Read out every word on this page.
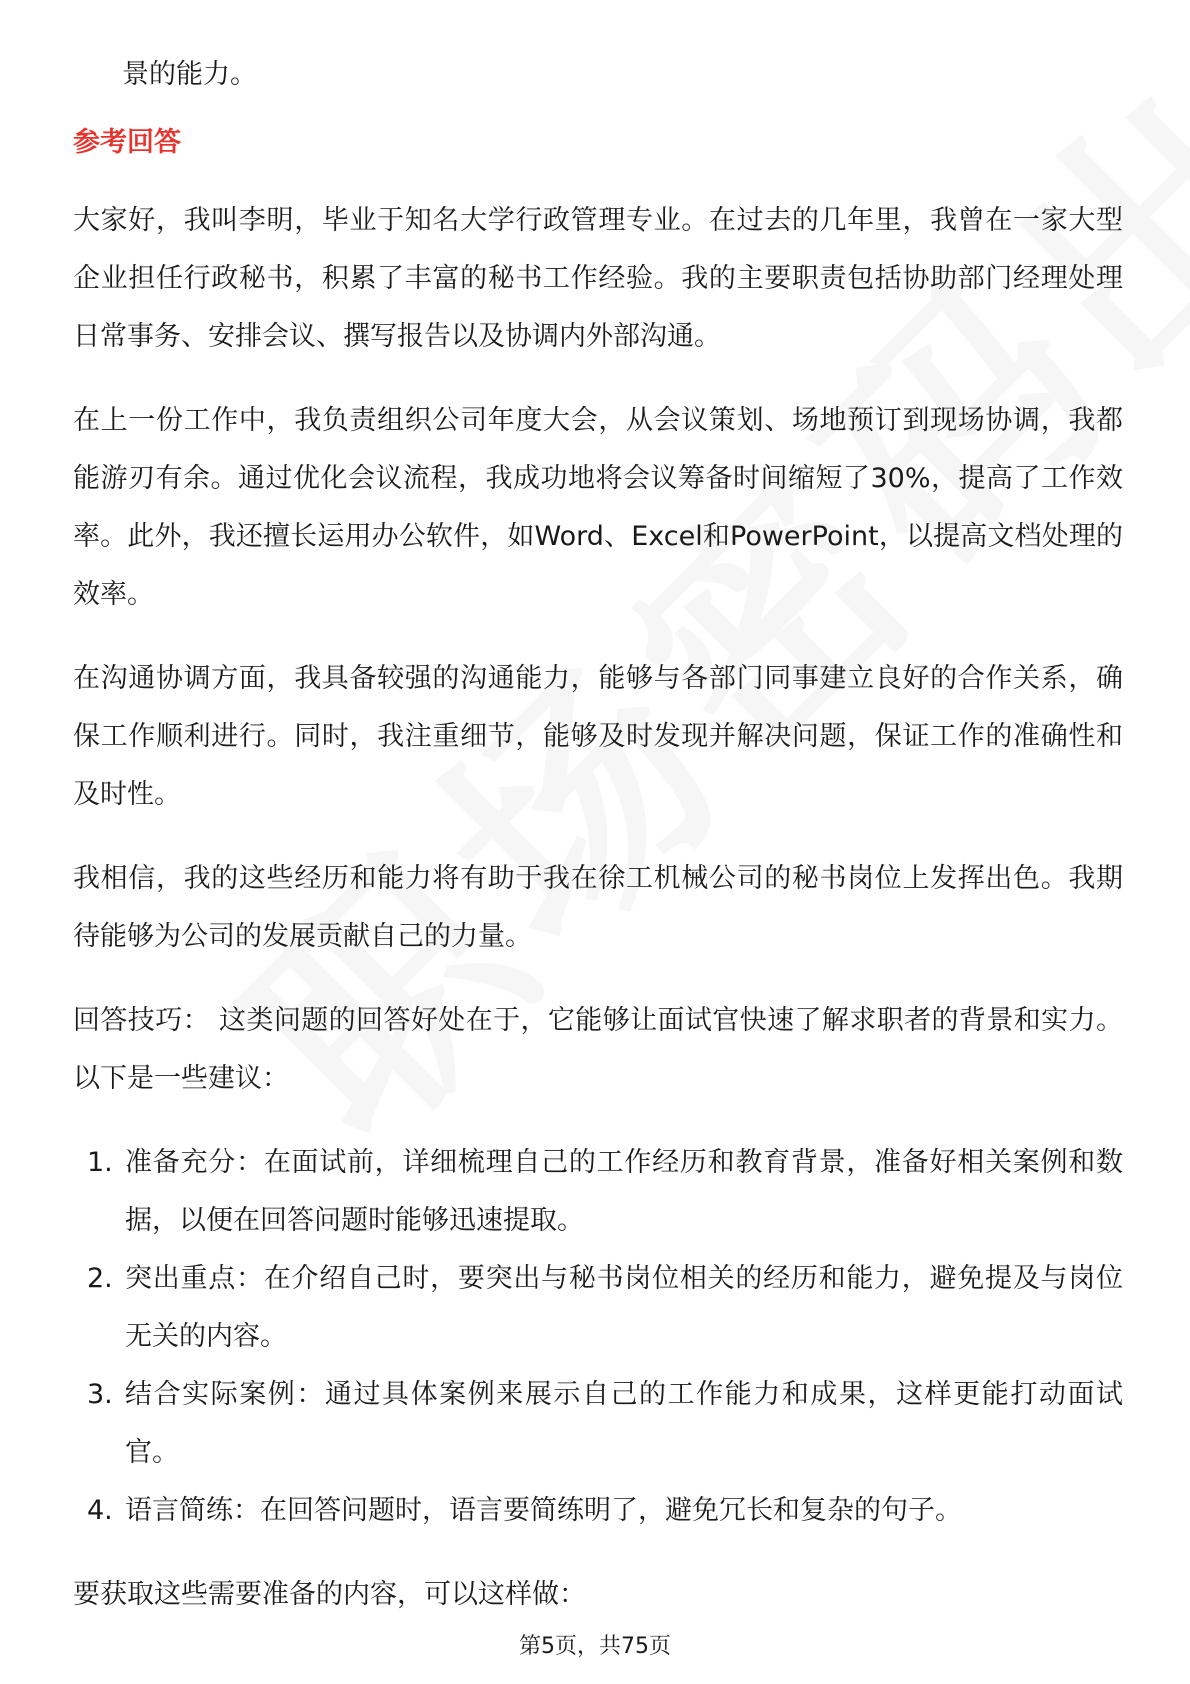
景的能力。

参考回答

大家好，我叫李明，毕业于知名大学行政管理专业。在过去的几年里，我曾在一家大型企业担任行政秘书，积累了丰富的秘书工作经验。我的主要职责包括协助部门经理处理日常事务、安排会议、撰写报告以及协调内外部沟通。

在上一份工作中，我负责组织公司年度大会，从会议策划、场地预订到现场协调，我都能游刃有余。通过优化会议流程，我成功地将会议筹备时间缩短了30%，提高了工作效率。此外，我还擅长运用办公软件，如Word、Excel和PowerPoint，以提高文档处理的效率。

在沟通协调方面，我具备较强的沟通能力，能够与各部门同事建立良好的合作关系，确保工作顺利进行。同时，我注重细节，能够及时发现并解决问题，保证工作的准确性和及时性。

我相信，我的这些经历和能力将有助于我在徐工机械公司的秘书岗位上发挥出色。我期待能够为公司的发展贡献自己的力量。

回答技巧： 这类问题的回答好处在于，它能够让面试官快速了解求职者的背景和实力。以下是一些建议：

1. 准备充分：在面试前，详细梳理自己的工作经历和教育背景，准备好相关案例和数据，以便在回答问题时能够迅速提取。
2. 突出重点：在介绍自己时，要突出与秘书岗位相关的经历和能力，避免提及与岗位无关的内容。
3. 结合实际案例：通过具体案例来展示自己的工作能力和成果，这样更能打动面试官。
4. 语言简练：在回答问题时，语言要简练明了，避免冗长和复杂的句子。

要获取这些需要准备的内容，可以这样做：

第5页，共75页
